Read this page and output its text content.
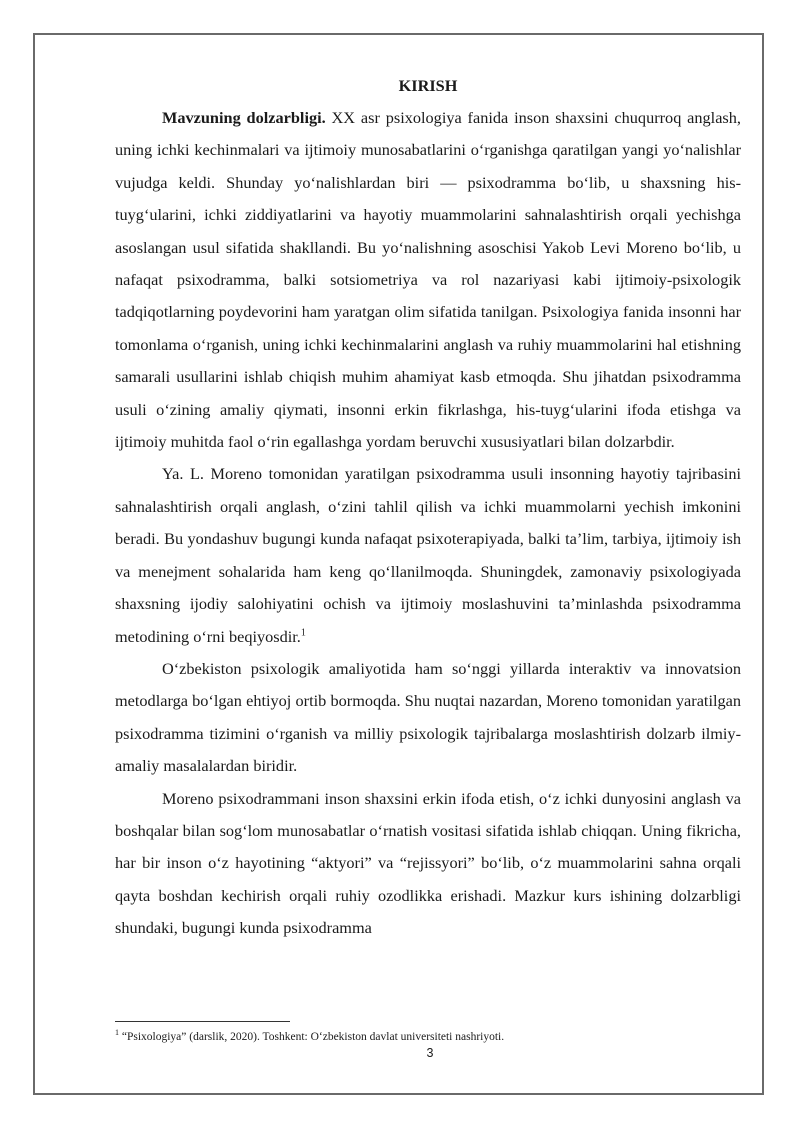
KIRISH

Mavzuning dolzarbligi. XX asr psixologiya fanida inson shaxsini chuqurroq anglash, uning ichki kechinmalari va ijtimoiy munosabatlarini o‘rganishga qaratilgan yangi yo‘nalishlar vujudga keldi. Shunday yo‘nalishlardan biri — psixodramma bo‘lib, u shaxsning his-tuyg‘ularini, ichki ziddiyatlarini va hayotiy muammolarini sahnalashtirish orqali yechishga asoslangan usul sifatida shakllandi. Bu yo‘nalishning asoschisi Yakob Levi Moreno bo‘lib, u nafaqat psixodramma, balki sotsiometriya va rol nazariyasi kabi ijtimoiy-psixologik tadqiqotlarning poydevorini ham yaratgan olim sifatida tanilgan. Psixologiya fanida insonni har tomonlama o‘rganish, uning ichki kechinmalarini anglash va ruhiy muammolarini hal etishning samarali usullarini ishlab chiqish muhim ahamiyat kasb etmoqda. Shu jihatdan psixodramma usuli o‘zining amaliy qiymati, insonni erkin fikrlashga, his-tuyg‘ularini ifoda etishga va ijtimoiy muhitda faol o‘rin egallashga yordam beruvchi xususiyatlari bilan dolzarbdir.

Ya. L. Moreno tomonidan yaratilgan psixodramma usuli insonning hayotiy tajribasini sahnalashtirish orqali anglash, o‘zini tahlil qilish va ichki muammolarni yechish imkonini beradi. Bu yondashuv bugungi kunda nafaqat psixoterapiyada, balki ta’lim, tarbiya, ijtimoiy ish va menejment sohalarida ham keng qo‘llanilmoqda. Shuningdek, zamonaviy psixologiyada shaxsning ijodiy salohiyatini ochish va ijtimoiy moslashuvini ta’minlashda psixodramma metodining o‘rni beqiyosdir.$^1$

O‘zbekiston psixologik amaliyotida ham so‘nggi yillarda interaktiv va innovatsion metodlarga bo‘lgan ehtiyoj ortib bormoqda. Shu nuqtai nazardan, Moreno tomonidan yaratilgan psixodramma tizimini o‘rganish va milliy psixologik tajribalarga moslashtirish dolzarb ilmiy-amaliy masalalardan biridir.

Moreno psixodrammani inson shaxsini erkin ifoda etish, o‘z ichki dunyosini anglash va boshqalar bilan sog‘lom munosabatlar o‘rnatish vositasi sifatida ishlab chiqqan. Uning fikricha, har bir inson o‘z hayotining “aktyori” va “rejissyori” bo‘lib, o‘z muammolarini sahna orqali qayta boshdan kechirish orqali ruhiy ozodlikka erishadi. Mazkur kurs ishining dolzarbligi shundaki, bugungi kunda psixodramma

$^1$ “Psixologiya” (darslik, 2020). Toshkent: O‘zbekiston davlat universiteti nashriyoti.
3
